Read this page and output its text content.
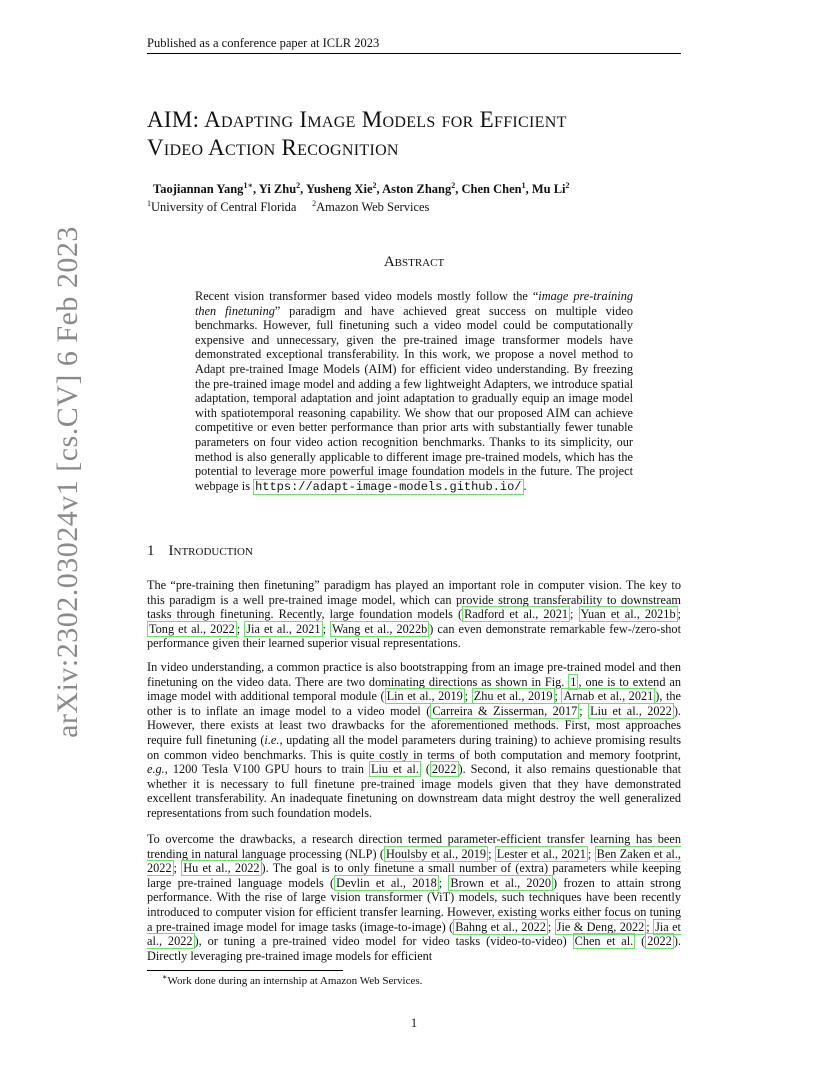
Published as a conference paper at ICLR 2023
arXiv:2302.03024v1 [cs.CV] 6 Feb 2023
AIM: Adapting Image Models for Efficient
Video Action Recognition
Taojiannan Yang$^{1∗}$, Yi Zhu$^2$, Yusheng Xie$^2$, Aston Zhang$^2$, Chen Chen$^1$, Mu Li$^2$
$^1$University of Central Florida $^2$Amazon Web Services
Abstract
Recent vision transformer based video models mostly follow the “image pre-training then finetuning” paradigm and have achieved great success on multiple video benchmarks. However, full finetuning such a video model could be computationally expensive and unnecessary, given the pre-trained image transformer models have demonstrated exceptional transferability. In this work, we propose a novel method to Adapt pre-trained Image Models (AIM) for efficient video understanding. By freezing the pre-trained image model and adding a few lightweight Adapters, we introduce spatial adaptation, temporal adaptation and joint adaptation to gradually equip an image model with spatiotemporal reasoning capability. We show that our proposed AIM can achieve competitive or even better performance than prior arts with substantially fewer tunable parameters on four video action recognition benchmarks. Thanks to its simplicity, our method is also generally applicable to different image pre-trained models, which has the potential to leverage more powerful image foundation models in the future. The project webpage is https://adapt-image-models.github.io/ .
1 Introduction
The “pre-training then finetuning” paradigm has played an important role in computer vision. The key to this paradigm is a well pre-trained image model, which can provide strong transferability to downstream tasks through finetuning. Recently, large foundation models ( Radford et al., 2021 ; Yuan et al., 2021b ; Tong et al., 2022 ; Jia et al., 2021 ; Wang et al., 2022b ) can even demonstrate remarkable few-/zero-shot performance given their learned superior visual representations.
In video understanding, a common practice is also bootstrapping from an image pre-trained model and then finetuning on the video data. There are two dominating directions as shown in Fig. 1 , one is to extend an image model with additional temporal module ( Lin et al., 2019 ; Zhu et al., 2019 ; Arnab et al., 2021 ), the other is to inflate an image model to a video model ( Carreira & Zisserman, 2017 ; Liu et al., 2022 ). However, there exists at least two drawbacks for the aforementioned methods. First, most approaches require full finetuning (i.e., updating all the model parameters during training) to achieve promising results on common video benchmarks. This is quite costly in terms of both computation and memory footprint, e.g., 1200 Tesla V100 GPU hours to train Liu et al. ( 2022 ). Second, it also remains questionable that whether it is necessary to full finetune pre-trained image models given that they have demonstrated excellent transferability. An inadequate finetuning on downstream data might destroy the well generalized representations from such foundation models.
To overcome the drawbacks, a research direction termed parameter-efficient transfer learning has been trending in natural language processing (NLP) ( Houlsby et al., 2019 ; Lester et al., 2021 ; Ben Zaken et al., 2022 ; Hu et al., 2022 ). The goal is to only finetune a small number of (extra) parameters while keeping large pre-trained language models ( Devlin et al., 2018 ; Brown et al., 2020 ) frozen to attain strong performance. With the rise of large vision transformer (ViT) models, such techniques have been recently introduced to computer vision for efficient transfer learning. However, existing works either focus on tuning a pre-trained image model for image tasks (image-to-image) ( Bahng et al., 2022 ; Jie & Deng, 2022 ; Jia et al., 2022 ), or tuning a pre-trained video model for video tasks (video-to-video) Chen et al. ( 2022 ). Directly leveraging pre-trained image models for efficient
∗Work done during an internship at Amazon Web Services.
1
